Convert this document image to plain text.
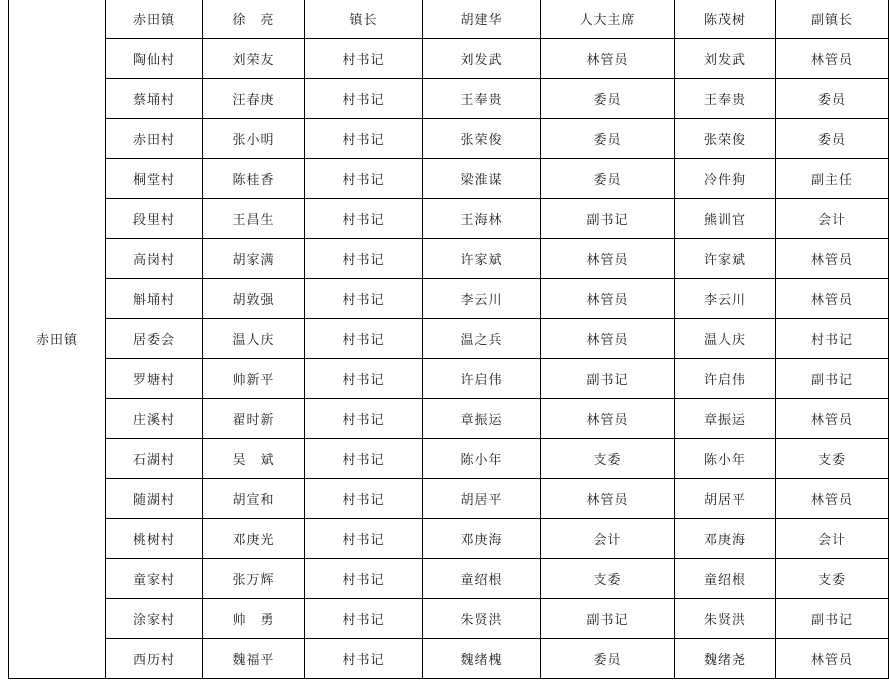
赤田镇	赤田镇	徐　亮	镇长	胡建华	人大主席	陈茂树	副镇长
	陶仙村	刘荣友	村书记	刘发武	林管员	刘发武	林管员
	蔡埇村	汪春庚	村书记	王奉贵	委员	王奉贵	委员
	赤田村	张小明	村书记	张荣俊	委员	张荣俊	委员
	桐堂村	陈桂香	村书记	梁淮谋	委员	冷件狗	副主任
	段里村	王昌生	村书记	王海林	副书记	熊训官	会计
	高岗村	胡家满	村书记	许家斌	林管员	许家斌	林管员
	斛埇村	胡敦强	村书记	李云川	林管员	李云川	林管员
	居委会	温人庆	村书记	温之兵	林管员	温人庆	村书记
	罗塘村	帅新平	村书记	许启伟	副书记	许启伟	副书记
	庄溪村	翟时新	村书记	章振运	林管员	章振运	林管员
	石湖村	吴　斌	村书记	陈小年	支委	陈小年	支委
	随湖村	胡宣和	村书记	胡居平	林管员	胡居平	林管员
	桃树村	邓庚光	村书记	邓庚海	会计	邓庚海	会计
	童家村	张万辉	村书记	童绍根	支委	童绍根	支委
	涂家村	帅　勇	村书记	朱贤洪	副书记	朱贤洪	副书记
	西历村	魏福平	村书记	魏绪槐	委员	魏绪尧	林管员
